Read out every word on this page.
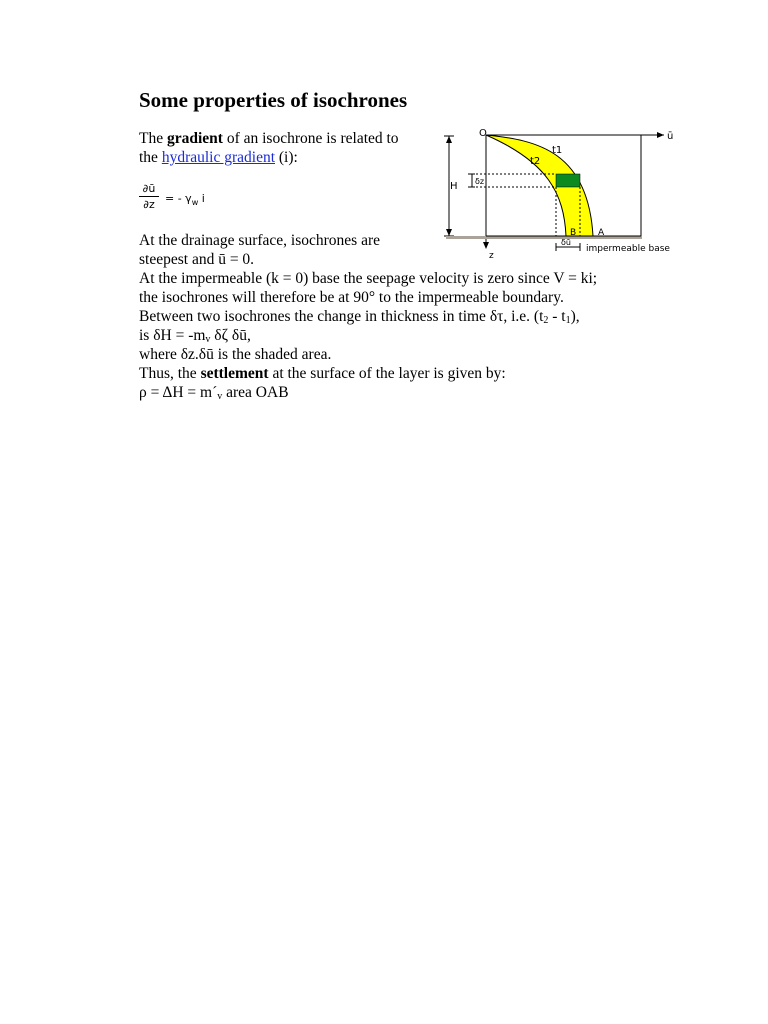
Some properties of isochrones
The gradient of an isochrone is related to
the hydraulic gradient (i):
∂ū
∂z = - $\gamma_w$ i
At the drainage surface, isochrones are
steepest and ū = 0.
At the impermeable (k = 0) base the seepage velocity is zero since V = ki;
the isochrones will therefore be at 90° to the impermeable boundary.
Between two isochrones the change in thickness in time δτ, i.e. $(t_2 - t_1)$,
is $\delta H = -m_v$ δζ δū,
where δz.δū is the shaded area.
Thus, the settlement at the surface of the layer is given by:
$\rho = \Delta H = m´_v$ area OAB
H δz
δū
O	ū
z
t1
t2
B A
impermeable base
